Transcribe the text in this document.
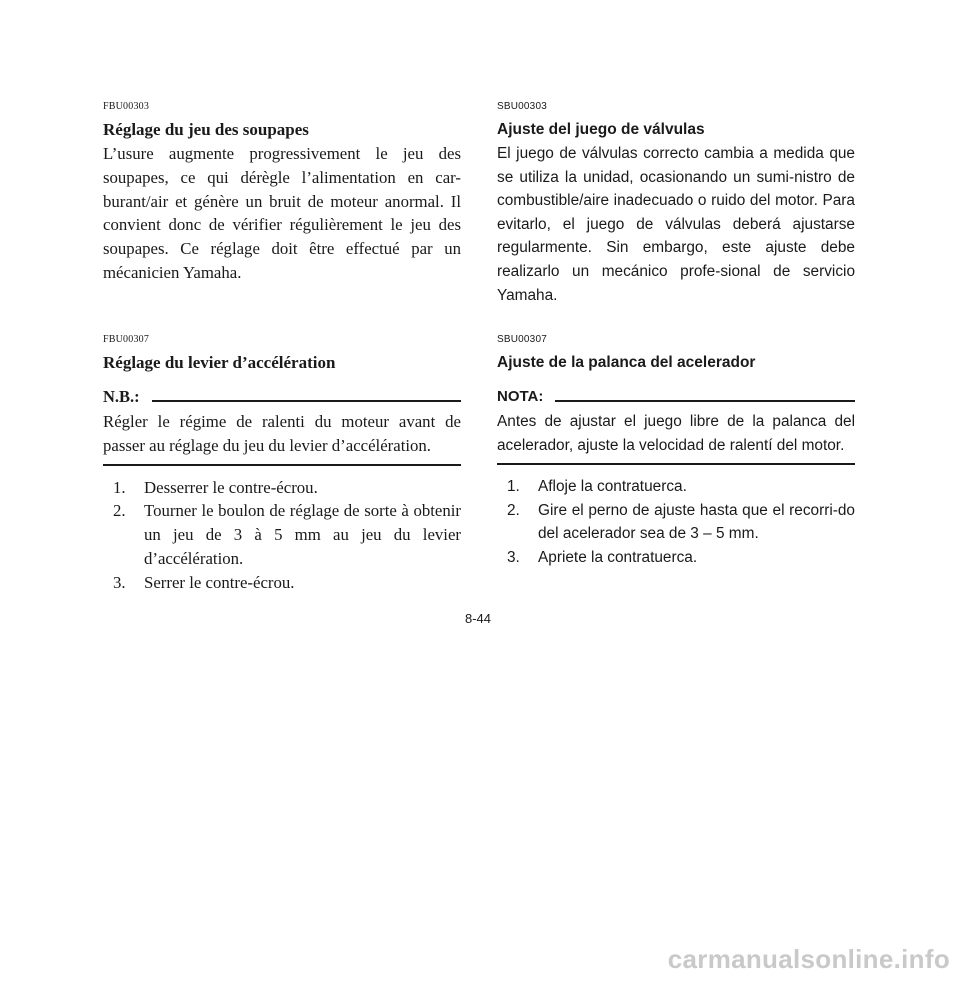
FBU00303
Réglage du jeu des soupapes

L’usure augmente progressivement le jeu des soupapes, ce qui dérègle l’alimentation en car-burant/air et génère un bruit de moteur anormal. Il convient donc de vérifier régulièrement le jeu des soupapes. Ce réglage doit être effectué par un mécanicien Yamaha.

FBU00307
Réglage du levier d’accélération
N.B.:

Régler le régime de ralenti du moteur avant de passer au réglage du jeu du levier d’accélération.

1.	Desserrer le contre-écrou.
2.	Tourner le boulon de réglage de sorte à obtenir un jeu de 3 à 5 mm au jeu du levier d’accélération.
3.	Serrer le contre-écrou.
SBU00303
Ajuste del juego de válvulas

El juego de válvulas correcto cambia a medida que se utiliza la unidad, ocasionando un sumi-nistro de combustible/aire inadecuado o ruido del motor. Para evitarlo, el juego de válvulas deberá ajustarse regularmente. Sin embargo, este ajuste debe realizarlo un mecánico profe-sional de servicio Yamaha.

SBU00307
Ajuste de la palanca del acelerador
NOTA:

Antes de ajustar el juego libre de la palanca del acelerador, ajuste la velocidad de ralentí del motor.

1.	Afloje la contratuerca.
2.	Gire el perno de ajuste hasta que el recorri-do del acelerador sea de 3 – 5 mm.
3.	Apriete la contratuerca.
8-44
carmanualsonline.info
